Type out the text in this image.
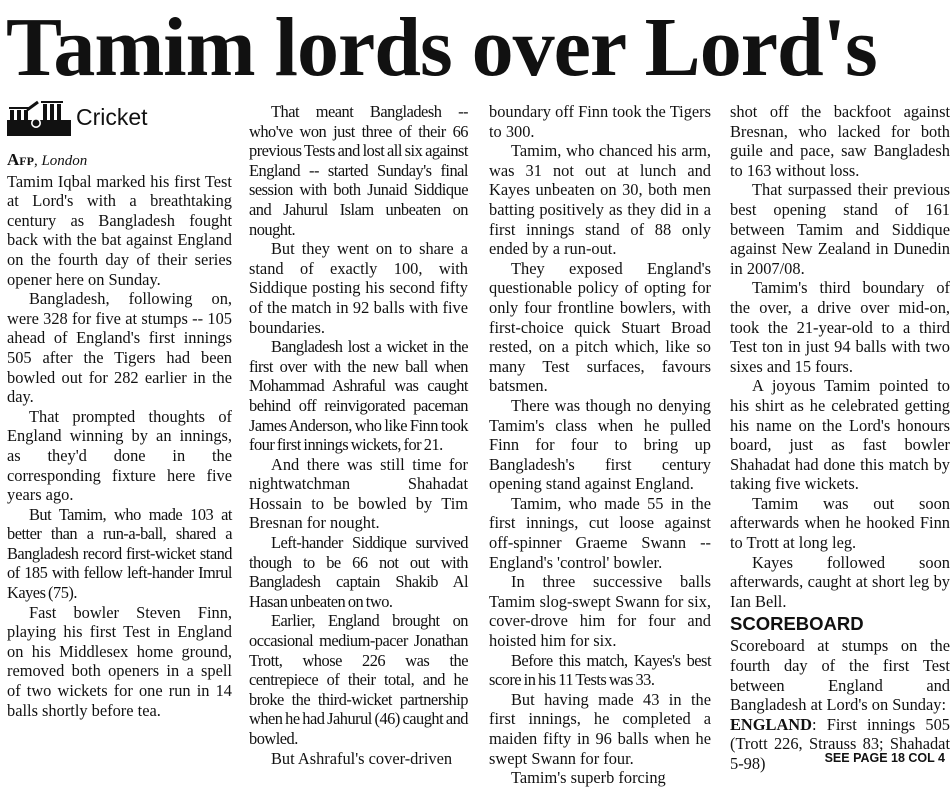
Tamim lords over Lord's
Cricket

Afp, London

Tamim Iqbal marked his first Test at Lord's with a breathtaking century as Bangladesh fought back with the bat against England on the fourth day of their series opener here on Sunday.

Bangladesh, following on, were 328 for five at stumps -- 105 ahead of England's first innings 505 after the Tigers had been bowled out for 282 earlier in the day.

That prompted thoughts of England winning by an innings, as they'd done in the corresponding fixture here five years ago.

But Tamim, who made 103 at better than a run-a-ball, shared a Bangladesh record first-wicket stand of 185 with fellow left-hander Imrul Kayes (75).

Fast bowler Steven Finn, playing his first Test in England on his Middlesex home ground, removed both openers in a spell of two wickets for one run in 14 balls shortly before tea.

That meant Bangladesh -- who've won just three of their 66 previous Tests and lost all six against England -- started Sunday's final session with both Junaid Siddique and Jahurul Islam unbeaten on nought.

But they went on to share a stand of exactly 100, with Siddique posting his second fifty of the match in 92 balls with five boundaries.

Bangladesh lost a wicket in the first over with the new ball when Mohammad Ashraful was caught behind off reinvigorated paceman James Anderson, who like Finn took four first innings wickets, for 21.

And there was still time for nightwatchman Shahadat Hossain to be bowled by Tim Bresnan for nought.

Left-hander Siddique survived though to be 66 not out with Bangladesh captain Shakib Al Hasan unbeaten on two.

Earlier, England brought on occasional medium-pacer Jonathan Trott, whose 226 was the centrepiece of their total, and he broke the third-wicket partnership when he had Jahurul (46) caught and bowled.

But Ashraful's cover-driven

boundary off Finn took the Tigers to 300.

Tamim, who chanced his arm, was 31 not out at lunch and Kayes unbeaten on 30, both men batting positively as they did in a first innings stand of 88 only ended by a run-out.

They exposed England's questionable policy of opting for only four frontline bowlers, with first-choice quick Stuart Broad rested, on a pitch which, like so many Test surfaces, favours batsmen.

There was though no denying Tamim's class when he pulled Finn for four to bring up Bangladesh's first century opening stand against England.

Tamim, who made 55 in the first innings, cut loose against off-spinner Graeme Swann -- England's 'control' bowler.

In three successive balls Tamim slog-swept Swann for six, cover-drove him for four and hoisted him for six.

Before this match, Kayes's best score in his 11 Tests was 33.

But having made 43 in the first innings, he completed a maiden fifty in 96 balls when he swept Swann for four.

Tamim's superb forcing

shot off the backfoot against Bresnan, who lacked for both guile and pace, saw Bangladesh to 163 without loss.

That surpassed their previous best opening stand of 161 between Tamim and Siddique against New Zealand in Dunedin in 2007/08.

Tamim's third boundary of the over, a drive over mid-on, took the 21-year-old to a third Test ton in just 94 balls with two sixes and 15 fours.

A joyous Tamim pointed to his shirt as he celebrated getting his name on the Lord's honours board, just as fast bowler Shahadat had done this match by taking five wickets.

Tamim was out soon afterwards when he hooked Finn to Trott at long leg.

Kayes followed soon afterwards, caught at short leg by Ian Bell.

SCOREBOARD

Scoreboard at stumps on the fourth day of the first Test between England and Bangladesh at Lord's on Sunday:

ENGLAND: First innings 505 (Trott 226, Strauss 83; Shahadat 5-98)	SEE PAGE 18 COL 4
